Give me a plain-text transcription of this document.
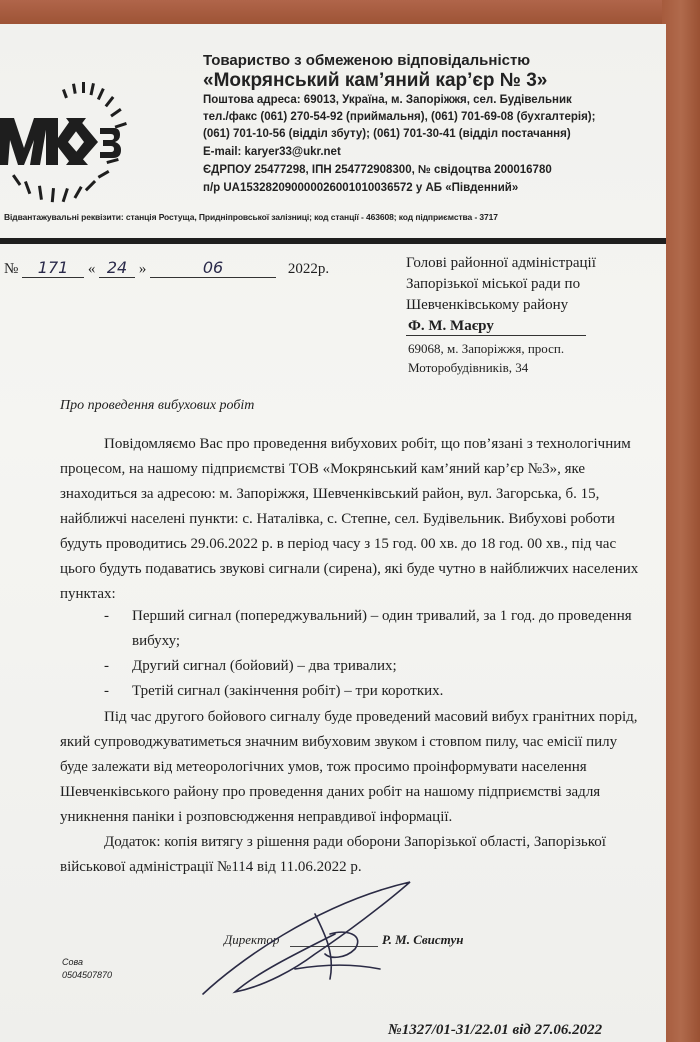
Товариство з обмеженою відповідальністю
«Мокрянський кам’яний кар’єр № 3»
Поштова адреса: 69013, Україна, м. Запоріжжя, сел. Будівельник
тел./факс (061) 270-54-92 (приймальня), (061) 701-69-08 (бухгалтерія);
(061) 701-10-56 (відділ збуту); (061) 701-30-41 (відділ постачання)
E-mail: karyer33@ukr.net
ЄДРПОУ 25477298, ІПН 254772908300, № свідоцтва 200016780
п/р UA153282090000026001010036572 у АБ «Південний»
Відвантажувальні реквізити: станція Ростуща, Придніпровської залізниці; код станції - 463608; код підприємства - 3717
№ 171 « 24 »	06	2022р.	Голові районної адміністрації
Запорізької міської ради по
Шевченківському району
Ф. М. Маєру
69068, м. Запоріжжя, просп.
Моторобудівників, 34
Про проведення вибухових робіт
Повідомляємо Вас про проведення вибухових робіт, що пов’язані з технологічним
процесом, на нашому підприємстві ТОВ «Мокрянський кам’яний кар’єр №3», яке
знаходиться за адресою: м. Запоріжжя, Шевченківський район, вул. Загорська, б. 15,
найближчі населені пункти: с. Наталівка, с. Степне, сел. Будівельник. Вибухові роботи
будуть проводитись 29.06.2022 р. в період часу з 15 год. 00 хв. до 18 год. 00 хв., під час
цього будуть подаватись звукові сигнали (сирена), які буде чутно в найближчих населених
пунктах:
- Перший сигнал (попереджувальний) – один тривалий, за 1 год. до проведення
вибуху;
- Другий сигнал (бойовий) – два тривалих;
- Третій сигнал (закінчення робіт) – три коротких.
Під час другого бойового сигналу буде проведений масовий вибух гранітних порід,
який супроводжуватиметься значним вибуховим звуком і стовпом пилу, час емісії пилу
буде залежати від метеорологічних умов, тож просимо проінформувати населення
Шевченківського району про проведення даних робіт на нашому підприємстві задля
уникнення паніки і розповсюдження неправдивої інформації.
Додаток: копія витягу з рішення ради оборони Запорізької області, Запорізької
військової адміністрації №114 від 11.06.2022 р.
Директор	Р. М. Свистун
Сова
0504507870
№1327/01-31/22.01 від 27.06.2022
